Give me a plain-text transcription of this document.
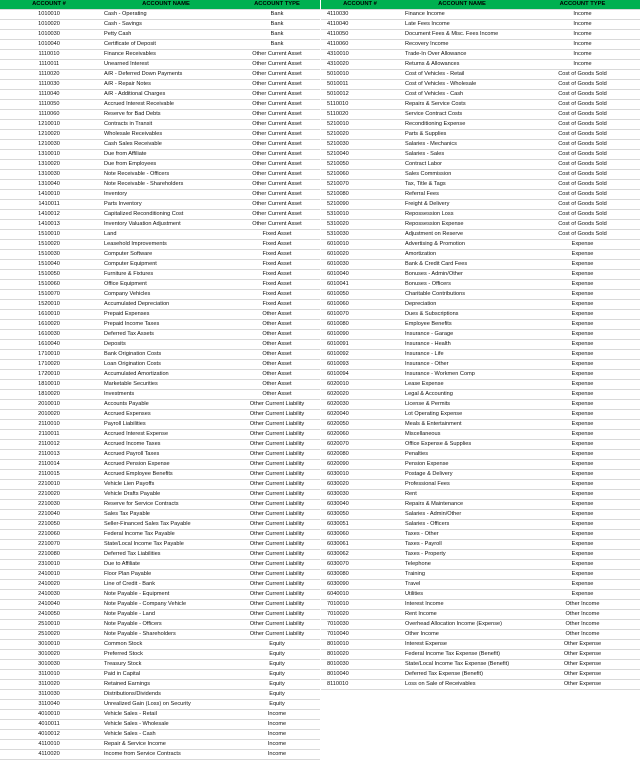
ACCOUNT #
1010010
1010020
1010030
1010040
1110010
1110011
1110020
1110030
1110040
1110050
1110060
1210010
1210020
1210030
1310010
1310020
1310030
1310040
1410010
1410011
1410012
1410013
1510010
1510020
1510030
1510040
1510050
1510060
1510070
1520010
1610010
1610020
1610030
1610040
1710010
1710020
1720010
1810010
1810020
2010010
2010020
2110010
2110011
2110012
2110013
2110014
2110015
2210010
2210020
2210030
2210040
2210050
2210060
2210070
2210080
2310010
2410010
2410020
2410030
2410040
2410050
2510010
2510020
3010010
3010020
3010030
3110010
3110020
3110030
3110040
4010010
4010011
4010012
4110010
4110020
ACCOUNT NAME
Cash - Operating
Cash - Savings
Petty Cash
Certificate of Deposit
Finance Receivables
Unearned Interest
A/R - Deferred Down Payments
A/R - Repair Notes
A/R - Additional Charges
Accrued Interest Receivable
Reserve for Bad Debts
Contracts in Transit
Wholesale Receivables
Cash Sales Receivable
Due from Affiliate
Due from Employees
Note Receivable - Officers
Note Receivable - Shareholders
Inventory
Parts Inventory
Capitalized Reconditioning Cost
Inventory Valuation Adjustment
Land
Leasehold Improvements
Computer Software
Computer Equipment
Furniture & Fixtures
Office Equipment
Company Vehicles
Accumulated Depreciation
Prepaid Expenses
Prepaid Income Taxes
Deferred Tax Assets
Deposits
Bank Origination Costs
Loan Origination Costs
Accumulated Amortization
Marketable Securities
Investments
Accounts Payable
Accrued Expenses
Payroll Liabilities
Accrued Interest Expense
Accrued Income Taxes
Accrued Payroll Taxes
Accrued Pension Expense
Accrued Employee Benefits
Vehicle Lien Payoffs
Vehicle Drafts Payable
Reserve for Service Contracts
Sales Tax Payable
Seller-Financed Sales Tax Payable
Federal Income Tax Payable
State/Local Income Tax Payable
Deferred Tax Liabilities
Due to Affiliate
Floor Plan Payable
Line of Credit - Bank
Note Payable - Equipment
Note Payable - Company Vehicle
Note Payable - Land
Note Payable - Officers
Note Payable - Shareholders
Common Stock
Preferred Stock
Treasury Stock
Paid in Capital
Retained Earnings
Distributions/Dividends
Unrealized Gain (Loss) on Security
Vehicle Sales - Retail
Vehicle Sales - Wholesale
Vehicle Sales - Cash
Repair & Service Income
Income from Service Contracts
ACCOUNT TYPE
Bank
Bank
Bank
Bank
Other Current Asset
Other Current Asset
Other Current Asset
Other Current Asset
Other Current Asset
Other Current Asset
Other Current Asset
Other Current Asset
Other Current Asset
Other Current Asset
Other Current Asset
Other Current Asset
Other Current Asset
Other Current Asset
Other Current Asset
Other Current Asset
Other Current Asset
Other Current Asset
Fixed Asset
Fixed Asset
Fixed Asset
Fixed Asset
Fixed Asset
Fixed Asset
Fixed Asset
Fixed Asset
Other Asset
Other Asset
Other Asset
Other Asset
Other Asset
Other Asset
Other Asset
Other Asset
Other Asset
Other Current Liability
Other Current Liability
Other Current Liability
Other Current Liability
Other Current Liability
Other Current Liability
Other Current Liability
Other Current Liability
Other Current Liability
Other Current Liability
Other Current Liability
Other Current Liability
Other Current Liability
Other Current Liability
Other Current Liability
Other Current Liability
Other Current Liability
Other Current Liability
Other Current Liability
Other Current Liability
Other Current Liability
Other Current Liability
Other Current Liability
Other Current Liability
Equity
Equity
Equity
Equity
Equity
Equity
Equity
Income
Income
Income
Income
Income
ACCOUNT #
4110030
4110040
4110050
4110060
4310010
4310020
5010010
5010011
5010012
5110010
5110020
5210010
5210020
5210030
5210040
5210050
5210060
5210070
5210080
5210090
5310010
5310020
5310030
6010010
6010020
6010030
6010040
6010041
6010050
6010060
6010070
6010080
6010090
6010091
6010092
6010093
6010094
6020010
6020020
6020030
6020040
6020050
6020060
6020070
6020080
6020090
6030010
6030020
6030030
6030040
6030050
6030051
6030060
6030061
6030062
6030070
6030080
6030090
6040010
7010010
7010020
7010030
7010040
8010010
8010020
8010030
8010040
8110010
ACCOUNT NAME
Finance Income
Late Fees Income
Document Fees & Misc. Fees Income
Recovery Income
Trade-In Over Allowance
Returns & Allowances
Cost of Vehicles - Retail
Cost of Vehicles - Wholesale
Cost of Vehicles - Cash
Repairs & Service Costs
Service Contract Costs
Reconditioning Expense
Parts & Supplies
Salaries - Mechanics
Salaries - Sales
Contract Labor
Sales Commission
Tax, Title & Tags
Referral Fees
Freight & Delivery
Repossession Loss
Repossession Expense
Adjustment on Reserve
Advertising & Promotion
Amortization
Bank & Credit Card Fees
Bonuses - Admin/Other
Bonuses - Officers
Charitable Contributions
Depreciation
Dues & Subscriptions
Employee Benefits
Insurance - Garage
Insurance - Health
Insurance - Life
Insurance - Other
Insurance - Workmen Comp
Lease Expense
Legal & Accounting
License & Permits
Lot Operating Expense
Meals & Entertainment
Miscellaneous
Office Expense & Supplies
Penalties
Pension Expense
Postage & Delivery
Professional Fees
Rent
Repairs & Maintenance
Salaries - Admin/Other
Salaries - Officers
Taxes - Other
Taxes - Payroll
Taxes - Property
Telephone
Training
Travel
Utilities
Interest Income
Rent Income
Overhead Allocation Income (Expense)
Other Income
Interest Expense
Federal Income Tax Expense (Benefit)
State/Local Income Tax Expense (Benefit)
Deferred Tax Expense (Benefit)
Loss on Sale of Receivables
ACCOUNT TYPE
Income
Income
Income
Income
Income
Income
Cost of Goods Sold
Cost of Goods Sold
Cost of Goods Sold
Cost of Goods Sold
Cost of Goods Sold
Cost of Goods Sold
Cost of Goods Sold
Cost of Goods Sold
Cost of Goods Sold
Cost of Goods Sold
Cost of Goods Sold
Cost of Goods Sold
Cost of Goods Sold
Cost of Goods Sold
Cost of Goods Sold
Cost of Goods Sold
Cost of Goods Sold
Expense
Expense
Expense
Expense
Expense
Expense
Expense
Expense
Expense
Expense
Expense
Expense
Expense
Expense
Expense
Expense
Expense
Expense
Expense
Expense
Expense
Expense
Expense
Expense
Expense
Expense
Expense
Expense
Expense
Expense
Expense
Expense
Expense
Expense
Expense
Expense
Other Income
Other Income
Other Income
Other Income
Other Expense
Other Expense
Other Expense
Other Expense
Other Expense
